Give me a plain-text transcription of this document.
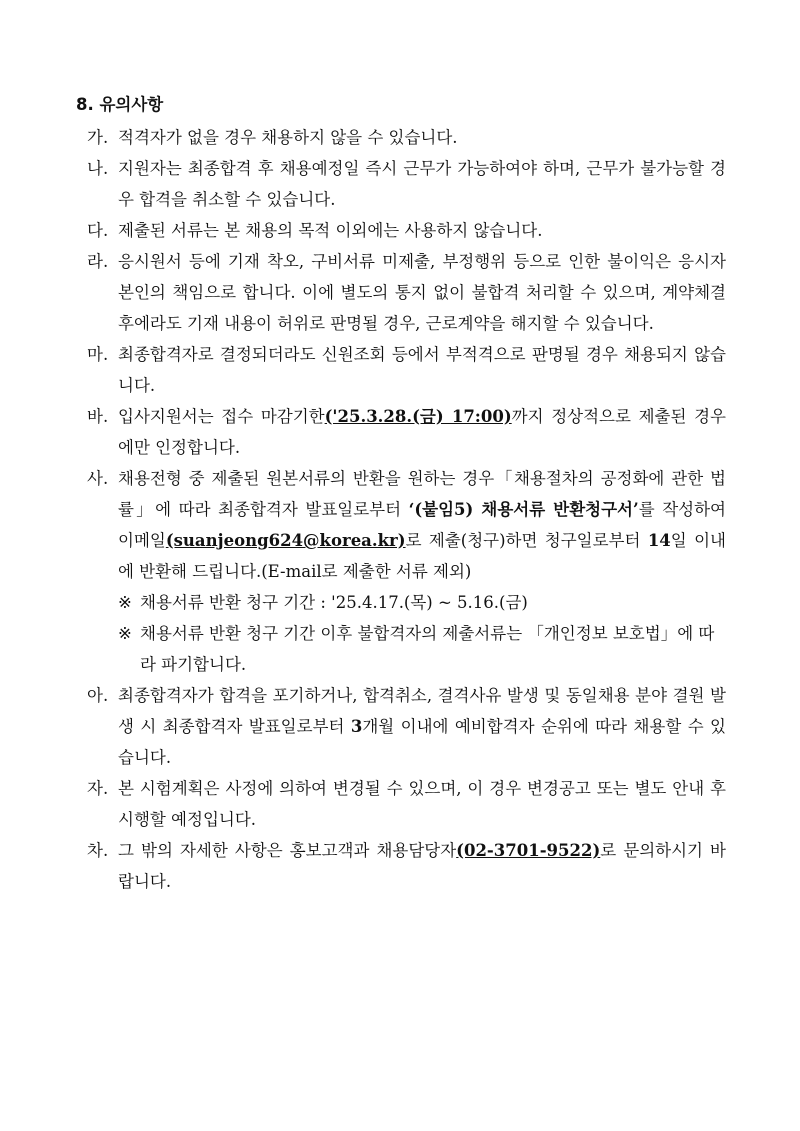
8. 유의사항
가. 적격자가 없을 경우 채용하지 않을 수 있습니다.
나. 지원자는 최종합격 후 채용예정일 즉시 근무가 가능하여야 하며, 근무가 불가능할 경우 합격을 취소할 수 있습니다.
다. 제출된 서류는 본 채용의 목적 이외에는 사용하지 않습니다.
라. 응시원서 등에 기재 착오, 구비서류 미제출, 부정행위 등으로 인한 불이익은 응시자 본인의 책임으로 합니다. 이에 별도의 통지 없이 불합격 처리할 수 있으며, 계약체결 후에라도 기재 내용이 허위로 판명될 경우, 근로계약을 해지할 수 있습니다.
마. 최종합격자로 결정되더라도 신원조회 등에서 부적격으로 판명될 경우 채용되지 않습니다.
바. 입사지원서는 접수 마감기한('25.3.28.(금) 17:00)까지 정상적으로 제출된 경우에만 인정합니다.
사. 채용전형 중 제출된 원본서류의 반환을 원하는 경우「채용절차의 공정화에 관한 법률」에 따라 최종합격자 발표일로부터 ‘(붙임5) 채용서류 반환청구서’를 작성하여 이메일(suanjeong624@korea.kr)로 제출(청구)하면 청구일로부터 14일 이내에 반환해 드립니다.(E-mail로 제출한 서류 제외)
※ 채용서류 반환 청구 기간 : '25.4.17.(목) ~ 5.16.(금)
※ 채용서류 반환 청구 기간 이후 불합격자의 제출서류는 「개인정보 보호법」에 따라 파기합니다.
아. 최종합격자가 합격을 포기하거나, 합격취소, 결격사유 발생 및 동일채용 분야 결원 발생 시 최종합격자 발표일로부터 3개월 이내에 예비합격자 순위에 따라 채용할 수 있습니다.
자. 본 시험계획은 사정에 의하여 변경될 수 있으며, 이 경우 변경공고 또는 별도 안내 후 시행할 예정입니다.
차. 그 밖의 자세한 사항은 홍보고객과 채용담당자(02-3701-9522)로 문의하시기 바랍니다.
